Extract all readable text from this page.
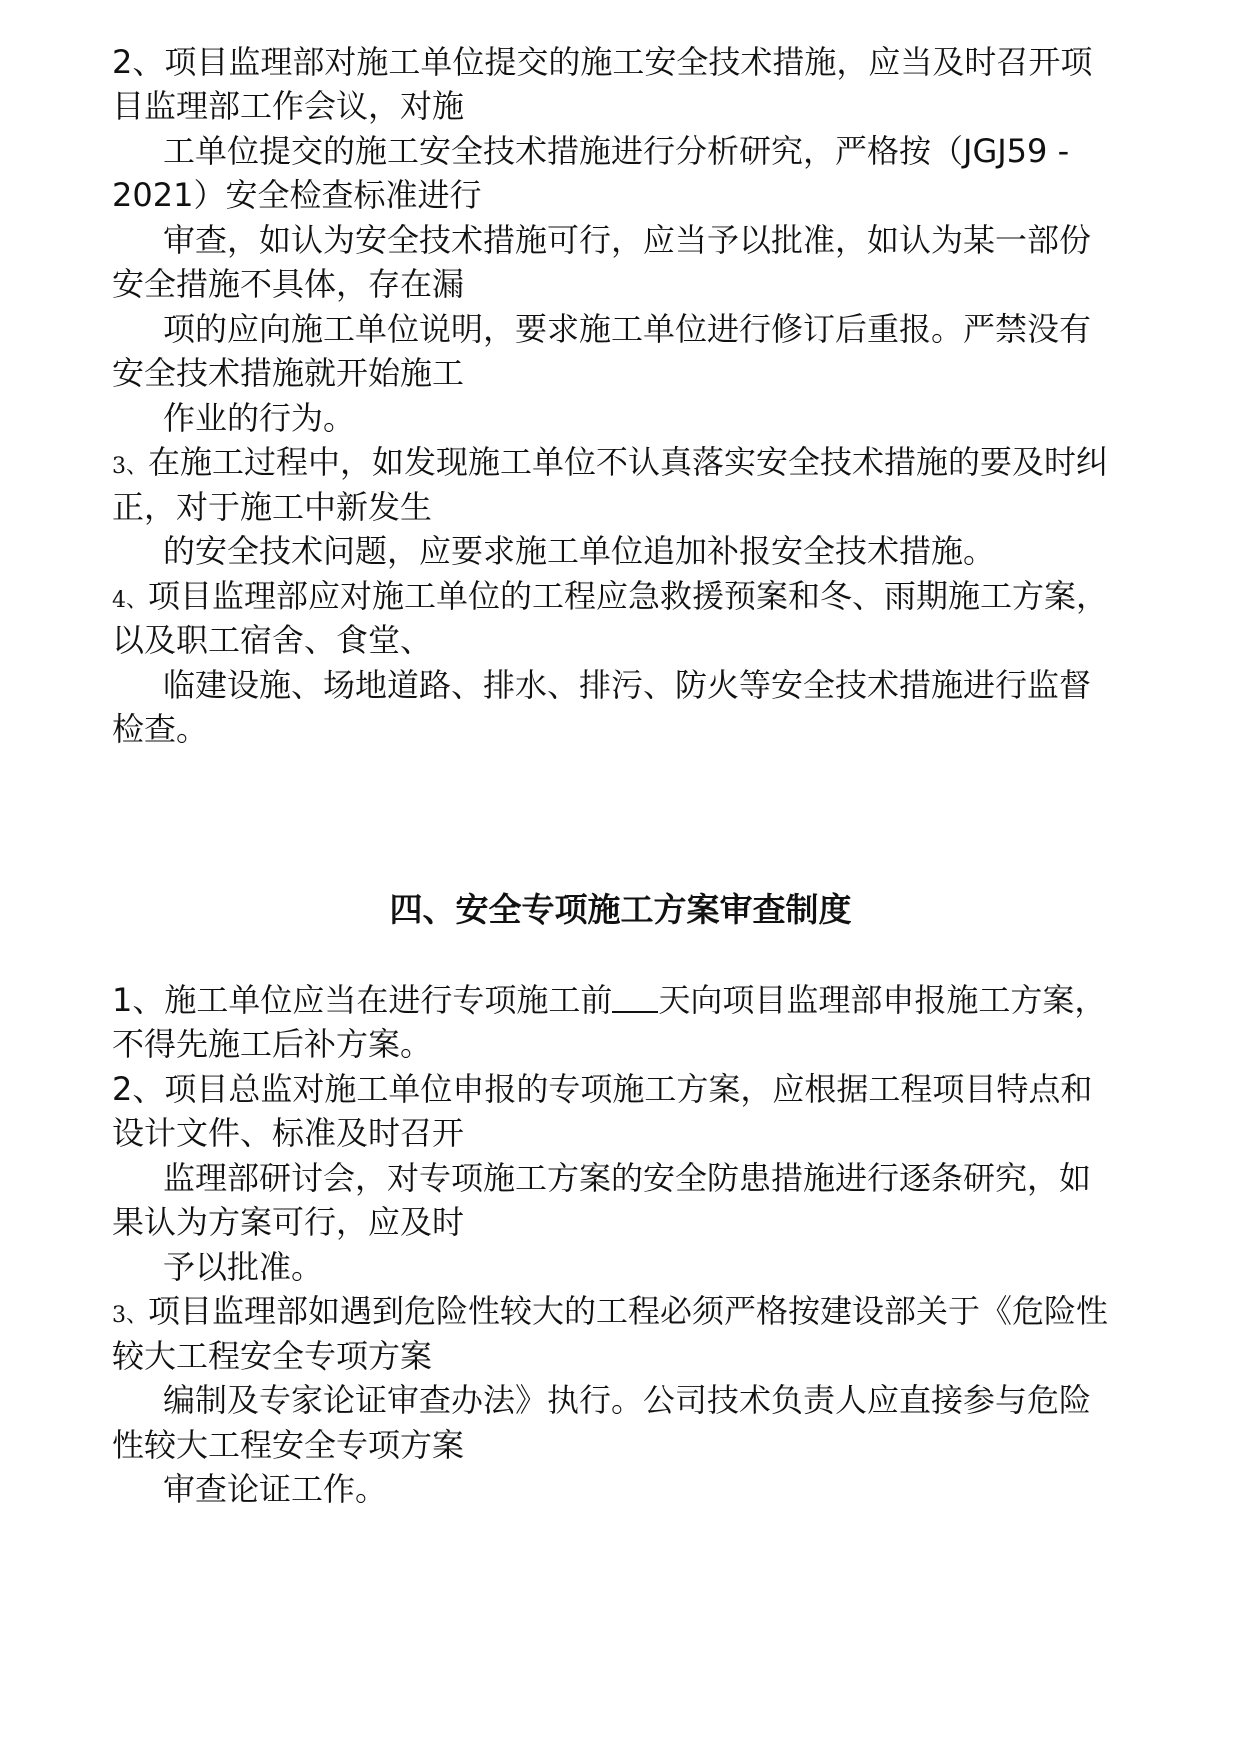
2、项目监理部对施工单位提交的施工安全技术措施，应当及时召开项
目监理部工作会议，对施
工单位提交的施工安全技术措施进行分析研究，严格按（JGJ59 -
2021）安全检查标准进行
审查，如认为安全技术措施可行，应当予以批准，如认为某一部份
安全措施不具体，存在漏
项的应向施工单位说明，要求施工单位进行修订后重报。严禁没有
安全技术措施就开始施工
作业的行为。
3、在施工过程中，如发现施工单位不认真落实安全技术措施的要及时纠
正，对于施工中新发生
的安全技术问题，应要求施工单位追加补报安全技术措施。
4、项目监理部应对施工单位的工程应急救援预案和冬、雨期施工方案，
以及职工宿舍、食堂、
临建设施、场地道路、排水、排污、防火等安全技术措施进行监督
检查。
四、安全专项施工方案审查制度
1、施工单位应当在进行专项施工前 天向项目监理部申报施工方案，
不得先施工后补方案。
2、项目总监对施工单位申报的专项施工方案，应根据工程项目特点和
设计文件、标准及时召开
监理部研讨会，对专项施工方案的安全防患措施进行逐条研究，如
果认为方案可行，应及时
予以批准。
3、项目监理部如遇到危险性较大的工程必须严格按建设部关于《危险性
较大工程安全专项方案
编制及专家论证审查办法》执行。公司技术负责人应直接参与危险
性较大工程安全专项方案
审查论证工作。
